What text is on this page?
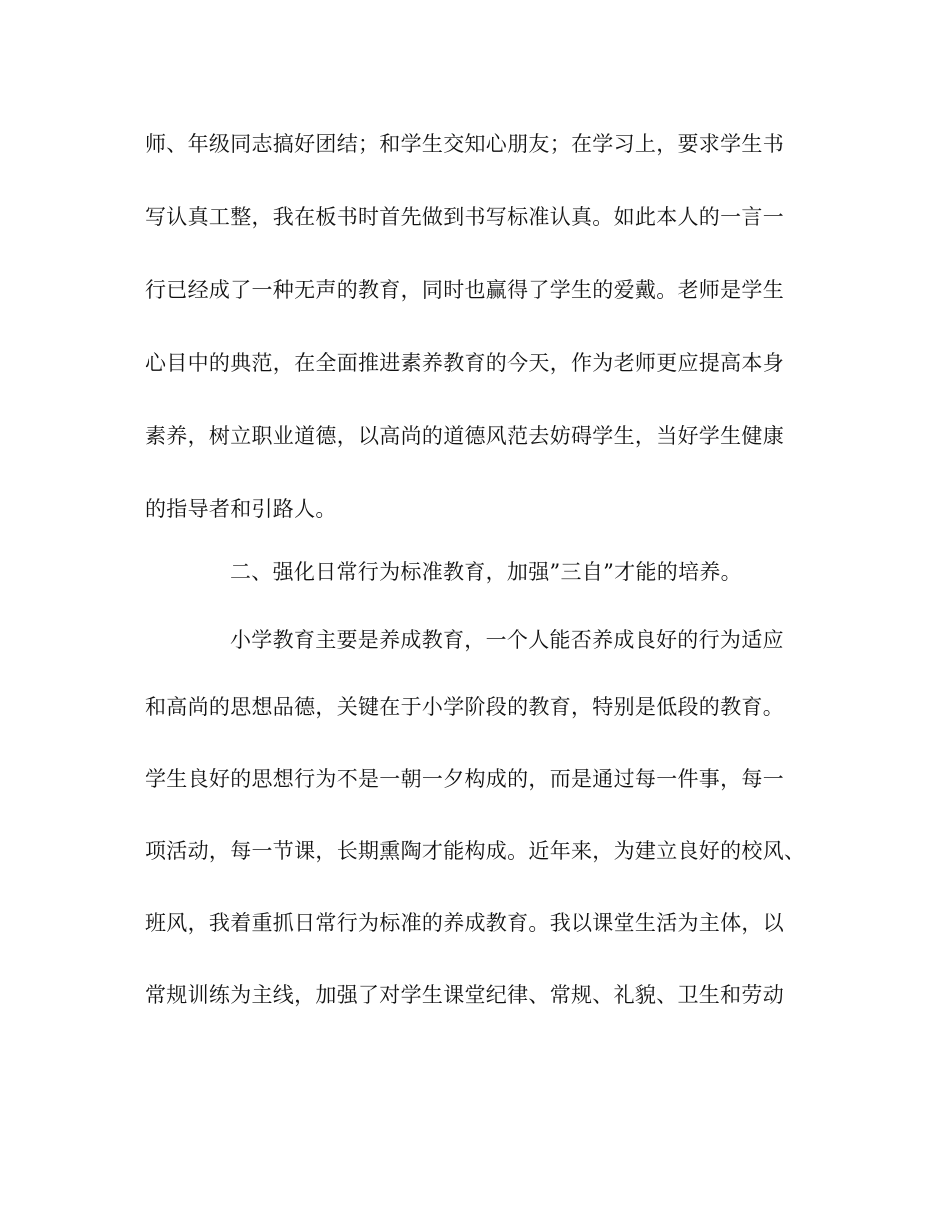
师、年级同志搞好团结；和学生交知心朋友；在学习上，要求学生书
写认真工整，我在板书时首先做到书写标准认真。如此本人的一言一
行已经成了一种无声的教育，同时也赢得了学生的爱戴。老师是学生
心目中的典范，在全面推进素养教育的今天，作为老师更应提高本身
素养，树立职业道德，以高尚的道德风范去妨碍学生，当好学生健康
的指导者和引路人。
二、强化日常行为标准教育，加强”三自”才能的培养。
小学教育主要是养成教育，一个人能否养成良好的行为适应
和高尚的思想品德，关键在于小学阶段的教育，特别是低段的教育。
学生良好的思想行为不是一朝一夕构成的，而是通过每一件事，每一
项活动，每一节课，长期熏陶才能构成。近年来，为建立良好的校风、
班风，我着重抓日常行为标准的养成教育。我以课堂生活为主体，以
常规训练为主线，加强了对学生课堂纪律、常规、礼貌、卫生和劳动
